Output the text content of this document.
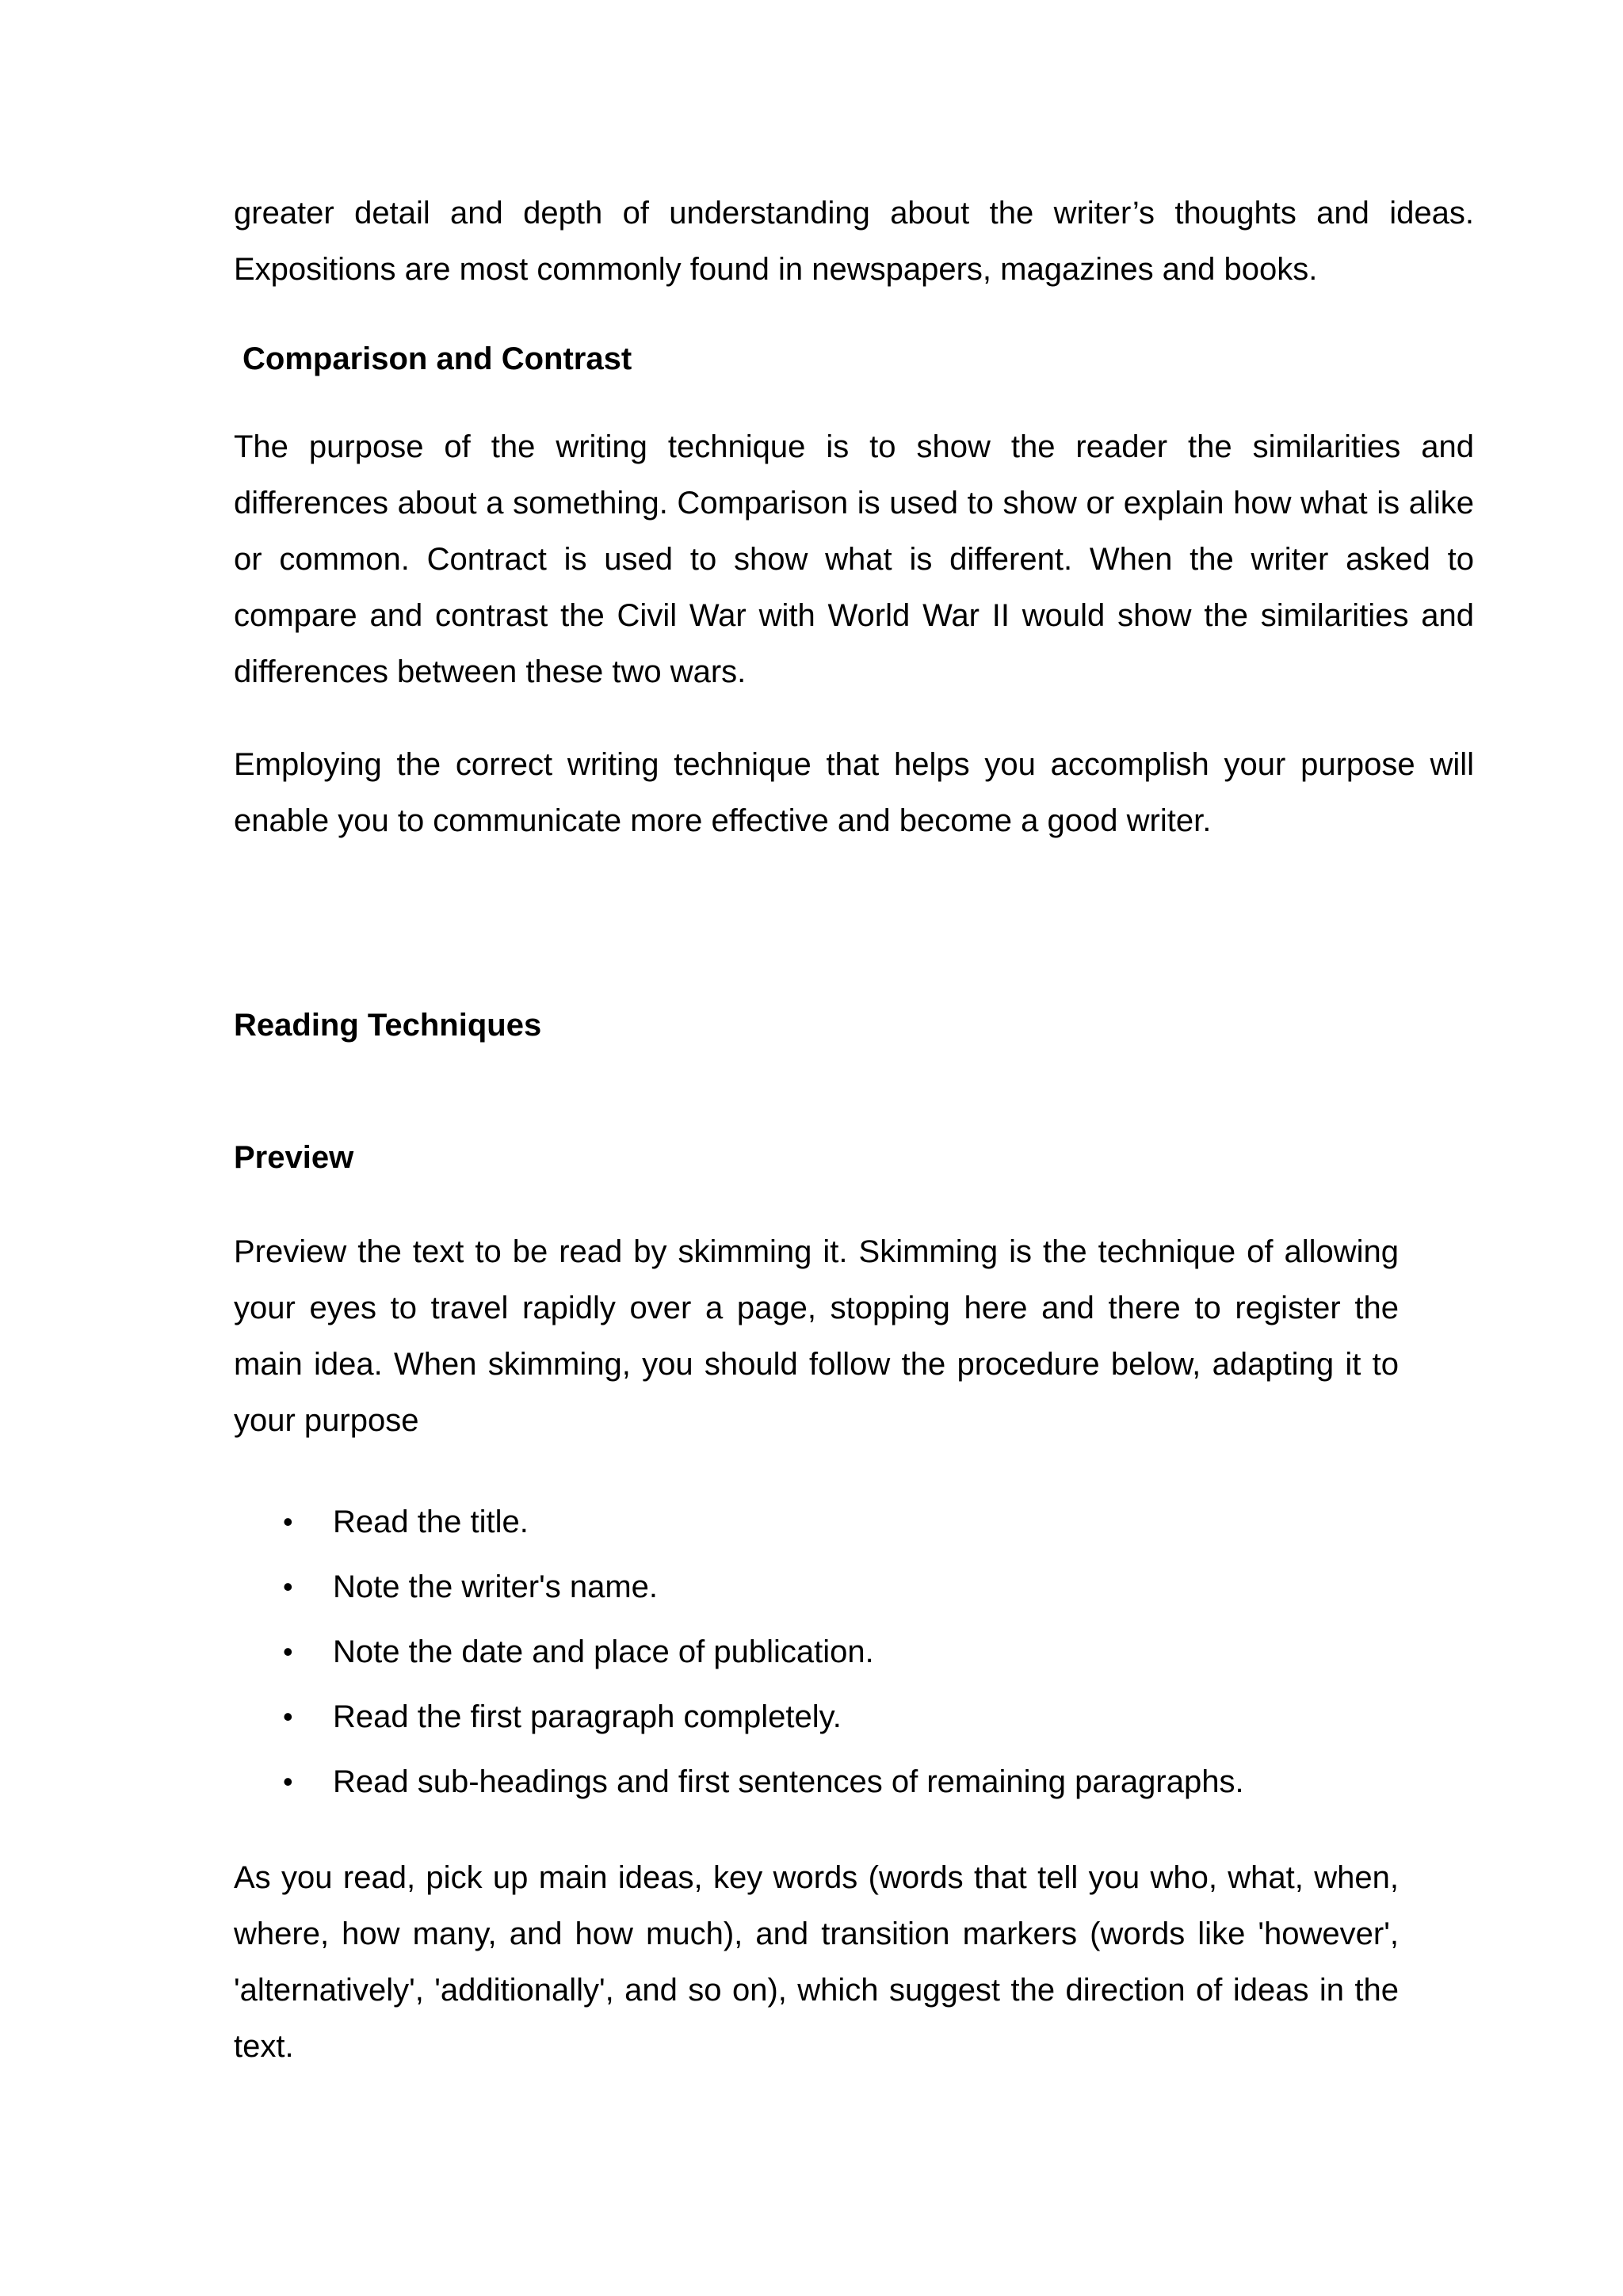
greater detail and depth of understanding about the writer’s thoughts and ideas. Expositions are most commonly found in newspapers, magazines and books.

Comparison and Contrast

The purpose of the writing technique is to show the reader the similarities and differences about a something. Comparison is used to show or explain how what is alike or common. Contract is used to show what is different. When the writer asked to compare and contrast the Civil War with World War II would show the similarities and differences between these two wars.

Employing the correct writing technique that helps you accomplish your purpose will enable you to communicate more effective and become a good writer.

Reading Techniques

Preview

Preview the text to be read by skimming it. Skimming is the technique of allowing your eyes to travel rapidly over a page, stopping here and there to register the main idea. When skimming, you should follow the procedure below, adapting it to your purpose

• Read the title.
• Note the writer's name.
• Note the date and place of publication.
• Read the first paragraph completely.
• Read sub-headings and first sentences of remaining paragraphs.

As you read, pick up main ideas, key words (words that tell you who, what, when, where, how many, and how much), and transition markers (words like 'however', 'alternatively', 'additionally', and so on), which suggest the direction of ideas in the text.
